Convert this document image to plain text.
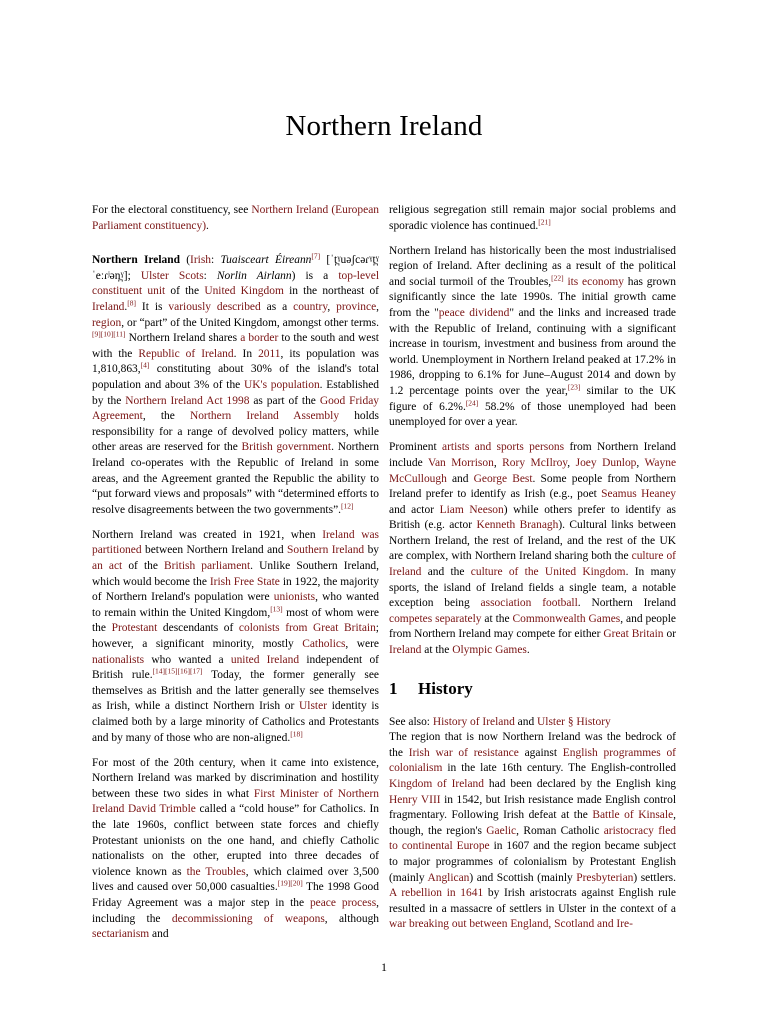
Northern Ireland

For the electoral constituency, see Northern Ireland (European Parliament constituency).

Northern Ireland (Irish: Tuaisceart Éireann[7] [ˈt̪ˠuəʃcəɾˠt̪ˠ ˈeːɾʲən̪ˠ]; Ulster Scots: Norlin Airlann) is a top-level constituent unit of the United Kingdom in the northeast of Ireland.[8] It is variously described as a country, province, region, or “part” of the United Kingdom, amongst other terms.[9][10][11] Northern Ireland shares a border to the south and west with the Republic of Ireland. In 2011, its population was 1,810,863,[4] constituting about 30% of the island's total population and about 3% of the UK's population. Established by the Northern Ireland Act 1998 as part of the Good Friday Agreement, the Northern Ireland Assembly holds responsibility for a range of devolved policy matters, while other areas are reserved for the British government. Northern Ireland co-operates with the Republic of Ireland in some areas, and the Agreement granted the Republic the ability to “put forward views and proposals” with “determined efforts to resolve disagreements between the two governments”.[12]

Northern Ireland was created in 1921, when Ireland was partitioned between Northern Ireland and Southern Ireland by an act of the British parliament. Unlike Southern Ireland, which would become the Irish Free State in 1922, the majority of Northern Ireland's population were unionists, who wanted to remain within the United Kingdom,[13] most of whom were the Protestant descendants of colonists from Great Britain; however, a significant minority, mostly Catholics, were nationalists who wanted a united Ireland independent of British rule.[14][15][16][17] Today, the former generally see themselves as British and the latter generally see themselves as Irish, while a distinct Northern Irish or Ulster identity is claimed both by a large minority of Catholics and Protestants and by many of those who are non-aligned.[18]

For most of the 20th century, when it came into existence, Northern Ireland was marked by discrimination and hostility between these two sides in what First Minister of Northern Ireland David Trimble called a “cold house” for Catholics. In the late 1960s, conflict between state forces and chiefly Protestant unionists on the one hand, and chiefly Catholic nationalists on the other, erupted into three decades of violence known as the Troubles, which claimed over 3,500 lives and caused over 50,000 casualties.[19][20] The 1998 Good Friday Agreement was a major step in the peace process, including the decommissioning of weapons, although sectarianism and

religious segregation still remain major social problems and sporadic violence has continued.[21]

Northern Ireland has historically been the most industrialised region of Ireland. After declining as a result of the political and social turmoil of the Troubles,[22] its economy has grown significantly since the late 1990s. The initial growth came from the "peace dividend" and the links and increased trade with the Republic of Ireland, continuing with a significant increase in tourism, investment and business from around the world. Unemployment in Northern Ireland peaked at 17.2% in 1986, dropping to 6.1% for June–August 2014 and down by 1.2 percentage points over the year,[23] similar to the UK figure of 6.2%.[24] 58.2% of those unemployed had been unemployed for over a year.

Prominent artists and sports persons from Northern Ireland include Van Morrison, Rory McIlroy, Joey Dunlop, Wayne McCullough and George Best. Some people from Northern Ireland prefer to identify as Irish (e.g., poet Seamus Heaney and actor Liam Neeson) while others prefer to identify as British (e.g. actor Kenneth Branagh). Cultural links between Northern Ireland, the rest of Ireland, and the rest of the UK are complex, with Northern Ireland sharing both the culture of Ireland and the culture of the United Kingdom. In many sports, the island of Ireland fields a single team, a notable exception being association football. Northern Ireland competes separately at the Commonwealth Games, and people from Northern Ireland may compete for either Great Britain or Ireland at the Olympic Games.

1 History
See also: History of Ireland and Ulster § History

The region that is now Northern Ireland was the bedrock of the Irish war of resistance against English programmes of colonialism in the late 16th century. The English-controlled Kingdom of Ireland had been declared by the English king Henry VIII in 1542, but Irish resistance made English control fragmentary. Following Irish defeat at the Battle of Kinsale, though, the region's Gaelic, Roman Catholic aristocracy fled to continental Europe in 1607 and the region became subject to major programmes of colonialism by Protestant English (mainly Anglican) and Scottish (mainly Presbyterian) settlers. A rebellion in 1641 by Irish aristocrats against English rule resulted in a massacre of settlers in Ulster in the context of a war breaking out between England, Scotland and Ire-

1
